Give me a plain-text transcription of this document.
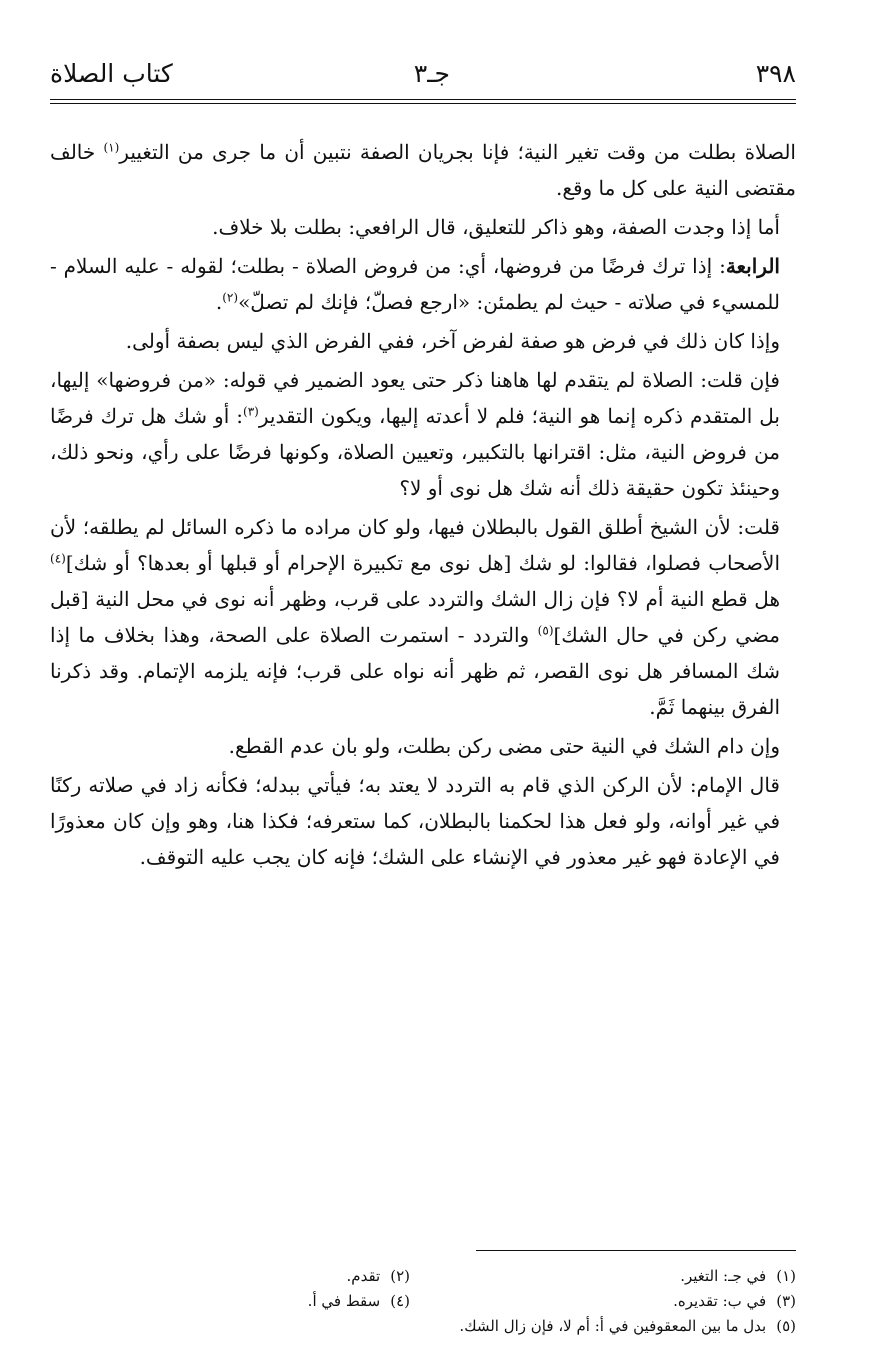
٣٩٨
جـ٣
كتاب الصلاة

الصلاة بطلت من وقت تغير النية؛ فإنا بجريان الصفة نتبين أن ما جرى من التغيير$^{(١)}$ خالف مقتضى النية على كل ما وقع.

أما إذا وجدت الصفة، وهو ذاكر للتعليق، قال الرافعي: بطلت بلا خلاف.

الرابعة: إذا ترك فرضًا من فروضها، أي: من فروض الصلاة - بطلت؛ لقوله - عليه السلام - للمسيء في صلاته - حيث لم يطمئن: «ارجع فصلّ؛ فإنك لم تصلّ»$^{(٢)}$.

وإذا كان ذلك في فرض هو صفة لفرض آخر، ففي الفرض الذي ليس بصفة أولى.

فإن قلت: الصلاة لم يتقدم لها هاهنا ذكر حتى يعود الضمير في قوله: «من فروضها» إليها، بل المتقدم ذكره إنما هو النية؛ فلم لا أعدته إليها، ويكون التقدير$^{(٣)}$: أو شك هل ترك فرضًا من فروض النية، مثل: اقترانها بالتكبير، وتعيين الصلاة، وكونها فرضًا على رأي، ونحو ذلك، وحينئذ تكون حقيقة ذلك أنه شك هل نوى أو لا؟

قلت: لأن الشيخ أطلق القول بالبطلان فيها، ولو كان مراده ما ذكره السائل لم يطلقه؛ لأن الأصحاب فصلوا، فقالوا: لو شك [هل نوى مع تكبيرة الإحرام أو قبلها أو بعدها؟ أو شك]$^{(٤)}$ هل قطع النية أم لا؟ فإن زال الشك والتردد على قرب، وظهر أنه نوى في محل النية [قبل مضي ركن في حال الشك]$^{(٥)}$ والتردد - استمرت الصلاة على الصحة، وهذا بخلاف ما إذا شك المسافر هل نوى القصر، ثم ظهر أنه نواه على قرب؛ فإنه يلزمه الإتمام. وقد ذكرنا الفرق بينهما ثَمَّ.

وإن دام الشك في النية حتى مضى ركن بطلت، ولو بان عدم القطع.

قال الإمام: لأن الركن الذي قام به التردد لا يعتد به؛ فيأتي ببدله؛ فكأنه زاد في صلاته ركنًا في غير أوانه، ولو فعل هذا لحكمنا بالبطلان، كما ستعرفه؛ فكذا هنا، وهو وإن كان معذورًا في الإعادة فهو غير معذور في الإنشاء على الشك؛ فإنه كان يجب عليه التوقف.

(١)في جـ: التغير.
(٢)تقدم.
(٣)في ب: تقديره.
(٤)سقط في أ.
(٥)بدل ما بين المعقوفين في أ: أم لا، فإن زال الشك.
